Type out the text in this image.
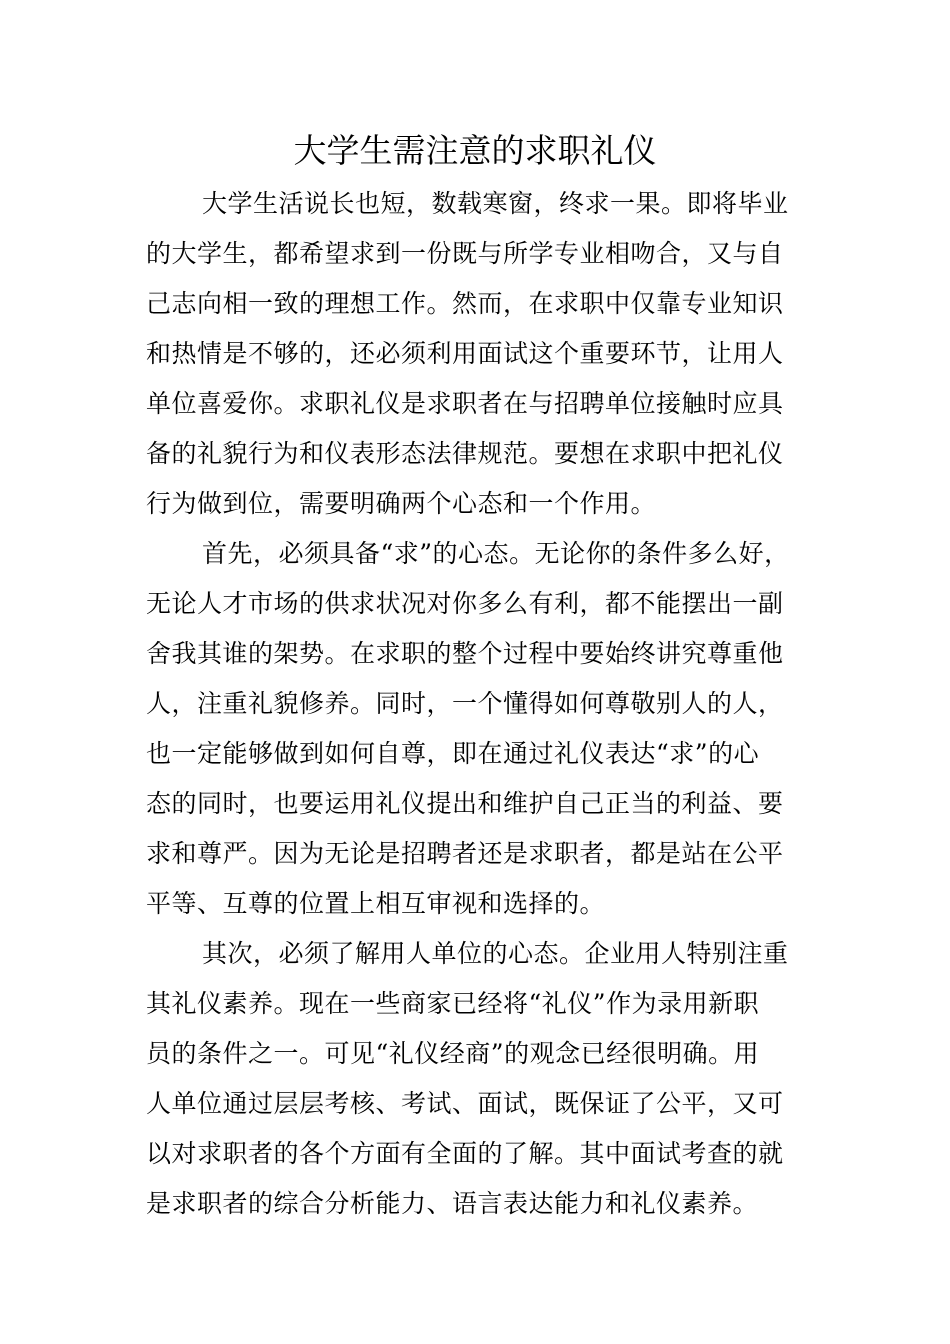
大学生需注意的求职礼仪
大学生活说长也短，数载寒窗，终求一果。即将毕业
的大学生，都希望求到一份既与所学专业相吻合，又与自
己志向相一致的理想工作。然而，在求职中仅靠专业知识
和热情是不够的，还必须利用面试这个重要环节，让用人
单位喜爱你。求职礼仪是求职者在与招聘单位接触时应具
备的礼貌行为和仪表形态法律规范。要想在求职中把礼仪
行为做到位，需要明确两个心态和一个作用。
首先，必须具备“求”的心态。无论你的条件多么好，
无论人才市场的供求状况对你多么有利，都不能摆出一副
舍我其谁的架势。在求职的整个过程中要始终讲究尊重他
人，注重礼貌修养。同时，一个懂得如何尊敬别人的人，
也一定能够做到如何自尊，即在通过礼仪表达“求”的心
态的同时，也要运用礼仪提出和维护自己正当的利益、要
求和尊严。因为无论是招聘者还是求职者，都是站在公平
平等、互尊的位置上相互审视和选择的。
其次，必须了解用人单位的心态。企业用人特别注重
其礼仪素养。现在一些商家已经将“礼仪”作为录用新职
员的条件之一。可见“礼仪经商”的观念已经很明确。用
人单位通过层层考核、考试、面试，既保证了公平，又可
以对求职者的各个方面有全面的了解。其中面试考查的就
是求职者的综合分析能力、语言表达能力和礼仪素养。
